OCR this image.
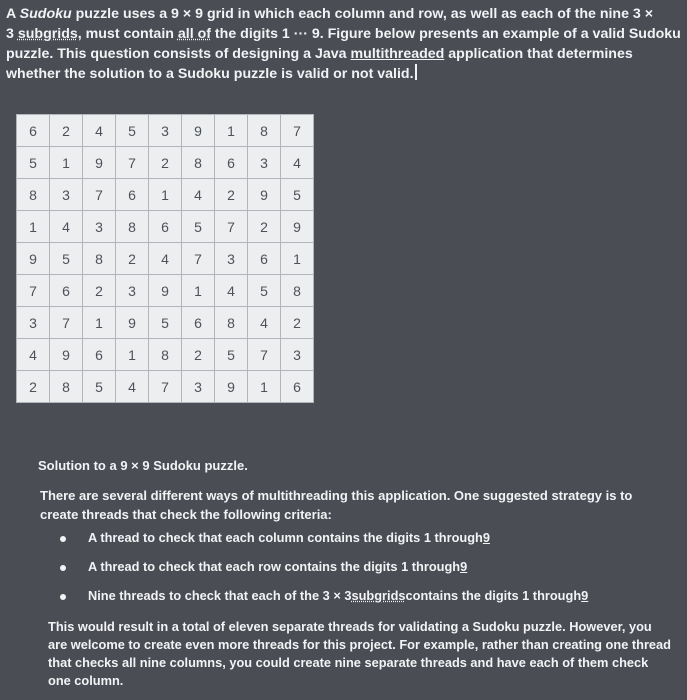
A Sudoku puzzle uses a 9 × 9 grid in which each column and row, as well as each of the nine 3 ×
3 subgrids, must contain all of the digits 1 ··· 9. Figure below presents an example of a valid Sudoku puzzle. This question consists of designing a Java multithreaded application that determines whether the solution to a Sudoku puzzle is valid or not valid.
6	2	4	5	3	9	1	8	7
5	1	9	7	2	8	6	3	4
8	3	7	6	1	4	2	9	5
1	4	3	8	6	5	7	2	9
9	5	8	2	4	7	3	6	1
7	6	2	3	9	1	4	5	8
3	7	1	9	5	6	8	4	2
4	9	6	1	8	2	5	7	3
2	8	5	4	7	3	9	1	6
Solution to a 9 × 9 Sudoku puzzle.
There are several different ways of multithreading this application. One suggested strategy is to create threads that check the following criteria:
A thread to check that each column contains the digits 1 through 9
A thread to check that each row contains the digits 1 through 9
Nine threads to check that each of the 3 × 3 subgrids contains the digits 1 through 9
This would result in a total of eleven separate threads for validating a Sudoku puzzle. However, you are welcome to create even more threads for this project. For example, rather than creating one thread that checks all nine columns, you could create nine separate threads and have each of them check one column.
